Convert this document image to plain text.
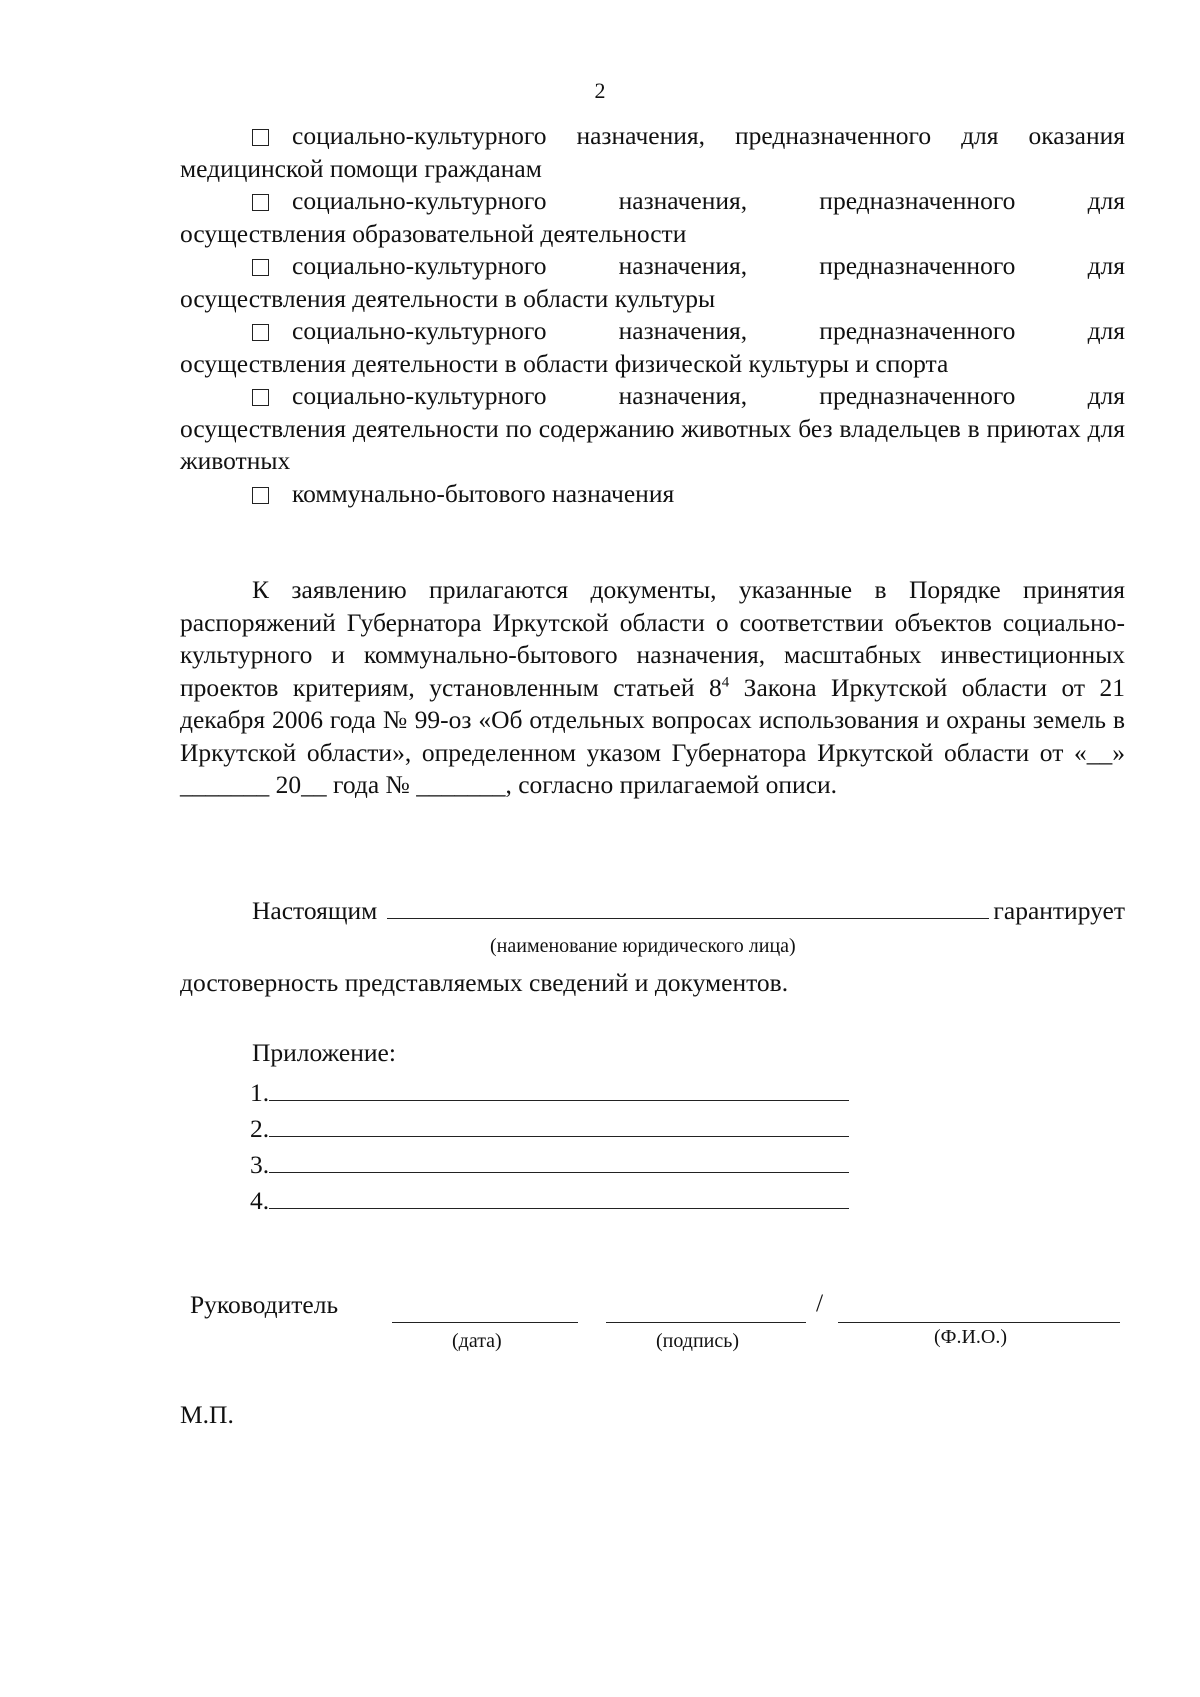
2
социально-культурного назначения, предназначенного для оказания
медицинской помощи гражданам
социально-культурного назначения, предназначенного для
осуществления образовательной деятельности
социально-культурного назначения, предназначенного для
осуществления деятельности в области культуры
социально-культурного назначения, предназначенного для
осуществления деятельности в области физической культуры и спорта
социально-культурного назначения, предназначенного для
осуществления деятельности по содержанию животных без владельцев в приютах для животных
коммунально-бытового назначения
К заявлению прилагаются документы, указанные в Порядке принятия распоряжений Губернатора Иркутской области о соответствии объектов социально-культурного и коммунально-бытового назначения, масштабных инвестиционных проектов критериям, установленным статьей $8^4$ Закона Иркутской области от 21 декабря 2006 года № 99-оз «Об отдельных вопросах использования и охраны земель в Иркутской области», определенном указом Губернатора Иркутской области от «__» _______ 20__ года № _______, согласно прилагаемой описи.
Настоящим	гарантирует
(наименование юридического лица)
достоверность представляемых сведений и документов.
Приложение:
1.
2.
3.
4.
Руководитель	/
(дата)	(подпись)	(Ф.И.О.)
М.П.
